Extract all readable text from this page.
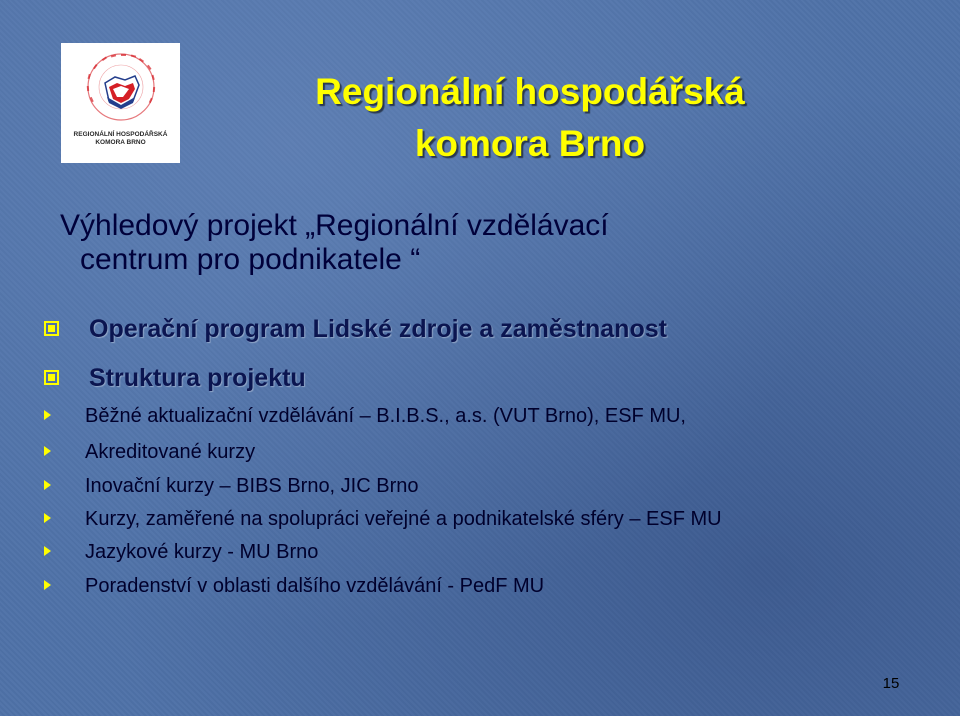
REGIONÁLNÍ HOSPODÁŘSKÁ
KOMORA BRNO
Regionální hospodářská
komora Brno
Výhledový projekt „Regionální vzdělávací
centrum pro podnikatele “
Operační program Lidské zdroje a zaměstnanost
Struktura projektu
Běžné aktualizační vzdělávání – B.I.B.S., a.s. (VUT Brno), ESF MU,
Akreditované kurzy
Inovační kurzy – BIBS Brno, JIC Brno
Kurzy, zaměřené na spolupráci veřejné a podnikatelské sféry – ESF MU
Jazykové kurzy - MU Brno
Poradenství v oblasti dalšího vzdělávání - PedF MU
15
